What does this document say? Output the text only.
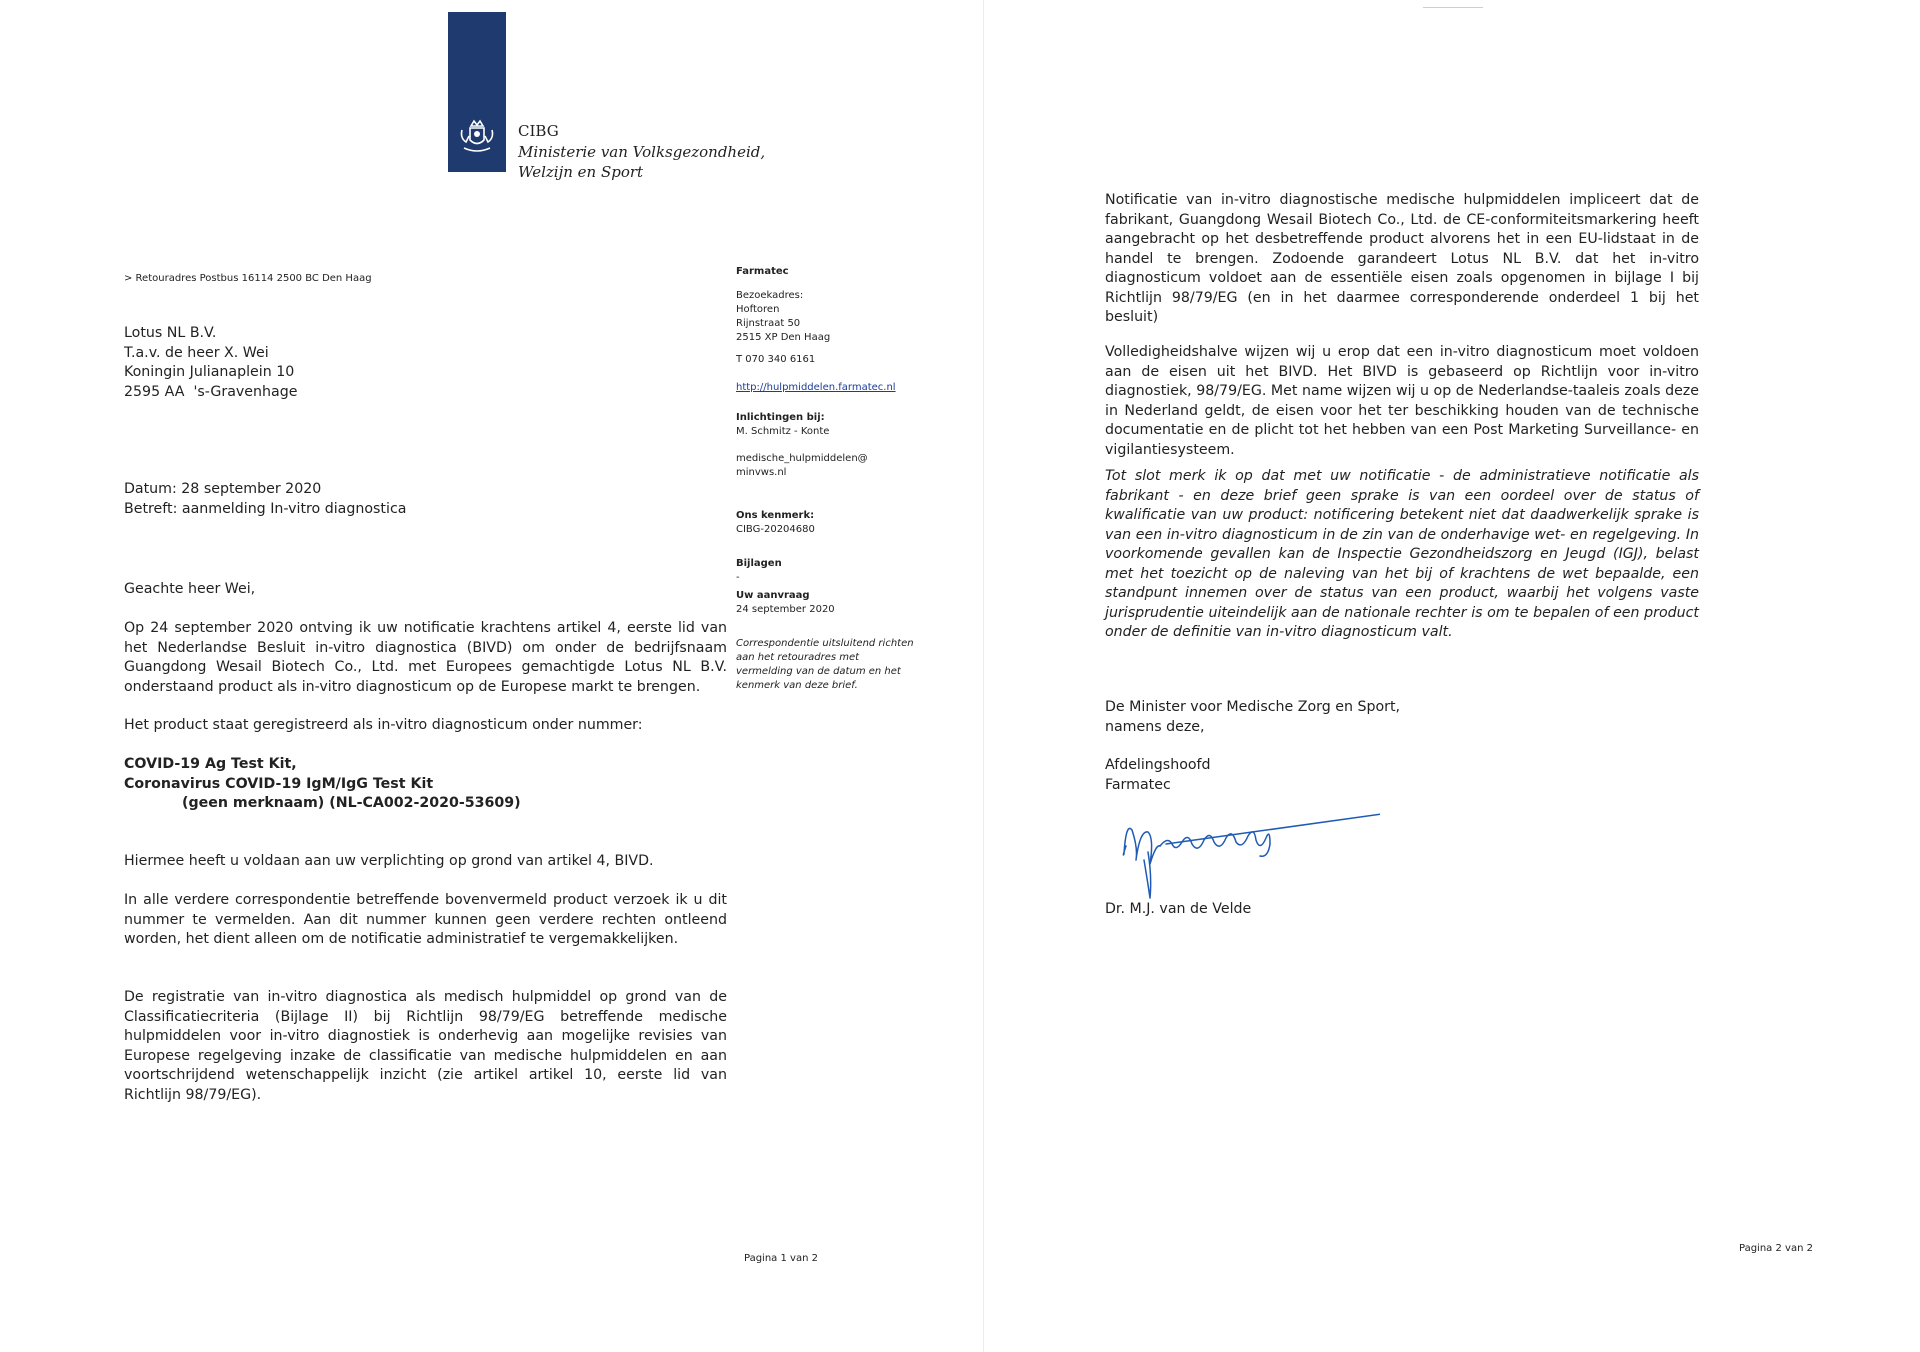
CIBG
Ministerie van Volksgezondheid,
Welzijn en Sport
> Retouradres Postbus 16114 2500 BC Den Haag
Lotus NL B.V.
T.a.v. de heer X. Wei
Koningin Julianaplein 10
2595 AA  's-Gravenhage
Datum: 28 september 2020
Betreft: aanmelding In-vitro diagnostica
Geachte heer Wei,
Op 24 september 2020 ontving ik uw notificatie krachtens artikel 4, eerste lid van het Nederlandse Besluit in-vitro diagnostica (BIVD) om onder de bedrijfsnaam Guangdong Wesail Biotech Co., Ltd. met Europees gemachtigde Lotus NL B.V. onderstaand product als in-vitro diagnosticum op de Europese markt te brengen.
Het product staat geregistreerd als in-vitro diagnosticum onder nummer:
COVID-19 Ag Test Kit,
Coronavirus COVID-19 IgM/IgG Test Kit
(geen merknaam) (NL-CA002-2020-53609)
Hiermee heeft u voldaan aan uw verplichting op grond van artikel 4, BIVD.
In alle verdere correspondentie betreffende bovenvermeld product verzoek ik u dit nummer te vermelden. Aan dit nummer kunnen geen verdere rechten ontleend worden, het dient alleen om de notificatie administratief te vergemakkelijken.
De registratie van in-vitro diagnostica als medisch hulpmiddel op grond van de Classificatiecriteria (Bijlage II) bij Richtlijn 98/79/EG betreffende medische hulpmiddelen voor in-vitro diagnostiek is onderhevig aan mogelijke revisies van Europese regelgeving inzake de classificatie van medische hulpmiddelen en aan voortschrijdend wetenschappelijk inzicht (zie artikel artikel 10, eerste lid van Richtlijn 98/79/EG).
Farmatec
Bezoekadres:
Hoftoren
Rijnstraat 50
2515 XP Den Haag
T 070 340 6161
http://hulpmiddelen.farmatec.nl
Inlichtingen bij:
M. Schmitz - Konte
medische_hulpmiddelen@
minvws.nl
Ons kenmerk:
CIBG-20204680
Bijlagen
-
Uw aanvraag
24 september 2020
Correspondentie uitsluitend richten aan het retouradres met vermelding van de datum en het kenmerk van deze brief.
Pagina 1 van 2
Notificatie van in-vitro diagnostische medische hulpmiddelen impliceert dat de fabrikant, Guangdong Wesail Biotech Co., Ltd. de CE-conformiteitsmarkering heeft aangebracht op het desbetreffende product alvorens het in een EU-lidstaat in de handel te brengen. Zodoende garandeert Lotus NL B.V. dat het in-vitro diagnosticum voldoet aan de essentiële eisen zoals opgenomen in bijlage I bij Richtlijn 98/79/EG (en in het daarmee corresponderende onderdeel 1 bij het besluit)
Volledigheidshalve wijzen wij u erop dat een in-vitro diagnosticum moet voldoen aan de eisen uit het BIVD. Het BIVD is gebaseerd op Richtlijn voor in-vitro diagnostiek, 98/79/EG. Met name wijzen wij u op de Nederlandse-taaleis zoals deze in Nederland geldt, de eisen voor het ter beschikking houden van de technische documentatie en de plicht tot het hebben van een Post Marketing Surveillance- en vigilantiesysteem.
Tot slot merk ik op dat met uw notificatie - de administratieve notificatie als fabrikant - en deze brief geen sprake is van een oordeel over de status of kwalificatie van uw product: notificering betekent niet dat daadwerkelijk sprake is van een in-vitro diagnosticum in de zin van de onderhavige wet- en regelgeving. In voorkomende gevallen kan de Inspectie Gezondheidszorg en Jeugd (IGJ), belast met het toezicht op de naleving van het bij of krachtens de wet bepaalde, een standpunt innemen over de status van een product, waarbij het volgens vaste jurisprudentie uiteindelijk aan de nationale rechter is om te bepalen of een product onder de definitie van in-vitro diagnosticum valt.
De Minister voor Medische Zorg en Sport,
namens deze,
Afdelingshoofd
Farmatec
Dr. M.J. van de Velde
Pagina 2 van 2
